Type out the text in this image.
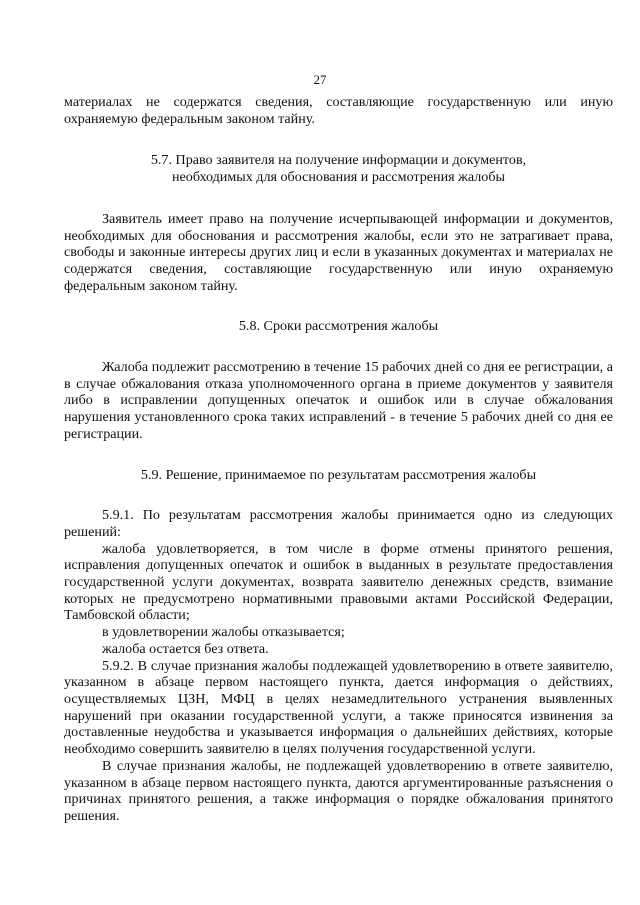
27

материалах не содержатся сведения, составляющие государственную или иную охраняемую федеральным законом тайну.

5.7. Право заявителя на получение информации и документов,
необходимых для обоснования и рассмотрения жалобы

Заявитель имеет право на получение исчерпывающей информации и документов, необходимых для обоснования и рассмотрения жалобы, если это не затрагивает права, свободы и законные интересы других лиц и если в указанных документах и материалах не содержатся сведения, составляющие государственную или иную охраняемую федеральным законом тайну.

5.8. Сроки рассмотрения жалобы

Жалоба подлежит рассмотрению в течение 15 рабочих дней со дня ее регистрации, а в случае обжалования отказа уполномоченного органа в приеме документов у заявителя либо в исправлении допущенных опечаток и ошибок или в случае обжалования нарушения установленного срока таких исправлений - в течение 5 рабочих дней со дня ее регистрации.

5.9. Решение, принимаемое по результатам рассмотрения жалобы

5.9.1. По результатам рассмотрения жалобы принимается одно из следующих решений:

жалоба удовлетворяется, в том числе в форме отмены принятого решения, исправления допущенных опечаток и ошибок в выданных в результате предоставления государственной услуги документах, возврата заявителю денежных средств, взимание которых не предусмотрено нормативными правовыми актами Российской Федерации, Тамбовской области;

в удовлетворении жалобы отказывается;

жалоба остается без ответа.

5.9.2. В случае признания жалобы подлежащей удовлетворению в ответе заявителю, указанном в абзаце первом настоящего пункта, дается информация о действиях, осуществляемых ЦЗН, МФЦ в целях незамедлительного устранения выявленных нарушений при оказании государственной услуги, а также приносятся извинения за доставленные неудобства и указывается информация о дальнейших действиях, которые необходимо совершить заявителю в целях получения государственной услуги.

В случае признания жалобы, не подлежащей удовлетворению в ответе заявителю, указанном в абзаце первом настоящего пункта, даются аргументированные разъяснения о причинах принятого решения, а также информация о порядке обжалования принятого решения.
